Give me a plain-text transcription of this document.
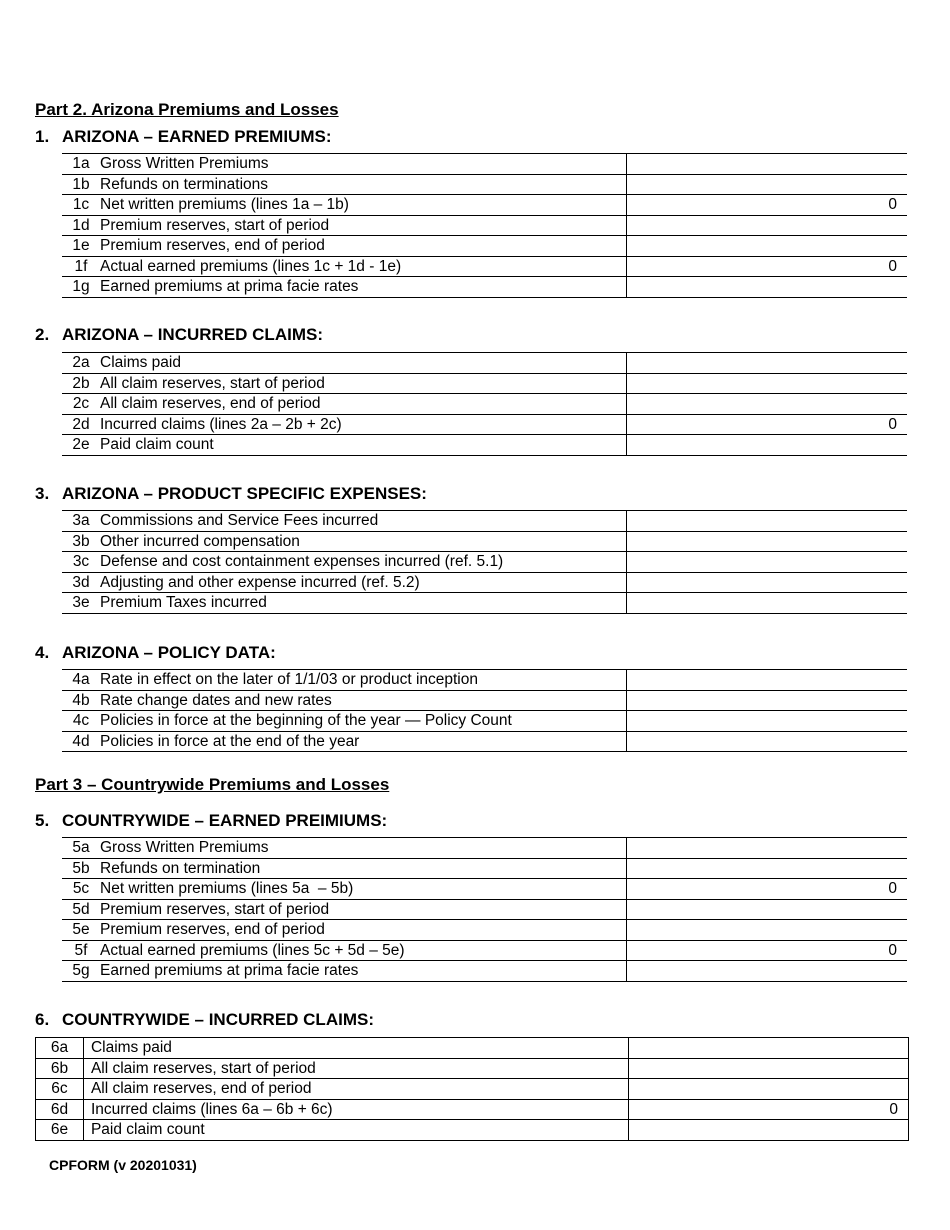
Part 2. Arizona Premiums and Losses
1. ARIZONA – EARNED PREMIUMS:
1a	Gross Written Premiums	
1b	Refunds on terminations	
1c	Net written premiums (lines 1a – 1b)	0
1d	Premium reserves, start of period	
1e	Premium reserves, end of period	
1f	Actual earned premiums (lines 1c + 1d - 1e)	0
1g	Earned premiums at prima facie rates	
2. ARIZONA – INCURRED CLAIMS:
2a	Claims paid	
2b	All claim reserves, start of period	
2c	All claim reserves, end of period	
2d	Incurred claims (lines 2a – 2b + 2c)	0
2e	Paid claim count	
3. ARIZONA – PRODUCT SPECIFIC EXPENSES:
3a	Commissions and Service Fees incurred	
3b	Other incurred compensation	
3c	Defense and cost containment expenses incurred (ref. 5.1)	
3d	Adjusting and other expense incurred (ref. 5.2)	
3e	Premium Taxes incurred	
4. ARIZONA – POLICY DATA:
4a	Rate in effect on the later of 1/1/03 or product inception	
4b	Rate change dates and new rates	
4c	Policies in force at the beginning of the year — Policy Count	
4d	Policies in force at the end of the year	
Part 3 – Countrywide Premiums and Losses
5. COUNTRYWIDE – EARNED PREIMIUMS:
5a	Gross Written Premiums	
5b	Refunds on termination	
5c	Net written premiums (lines 5a  – 5b)	0
5d	Premium reserves, start of period	
5e	Premium reserves, end of period	
5f	Actual earned premiums (lines 5c + 5d – 5e)	0
5g	Earned premiums at prima facie rates	
6. COUNTRYWIDE – INCURRED CLAIMS:
6a	Claims paid	
6b	All claim reserves, start of period	
6c	All claim reserves, end of period	
6d	Incurred claims (lines 6a – 6b + 6c)	0
6e	Paid claim count	
CPFORM (v 20201031)
